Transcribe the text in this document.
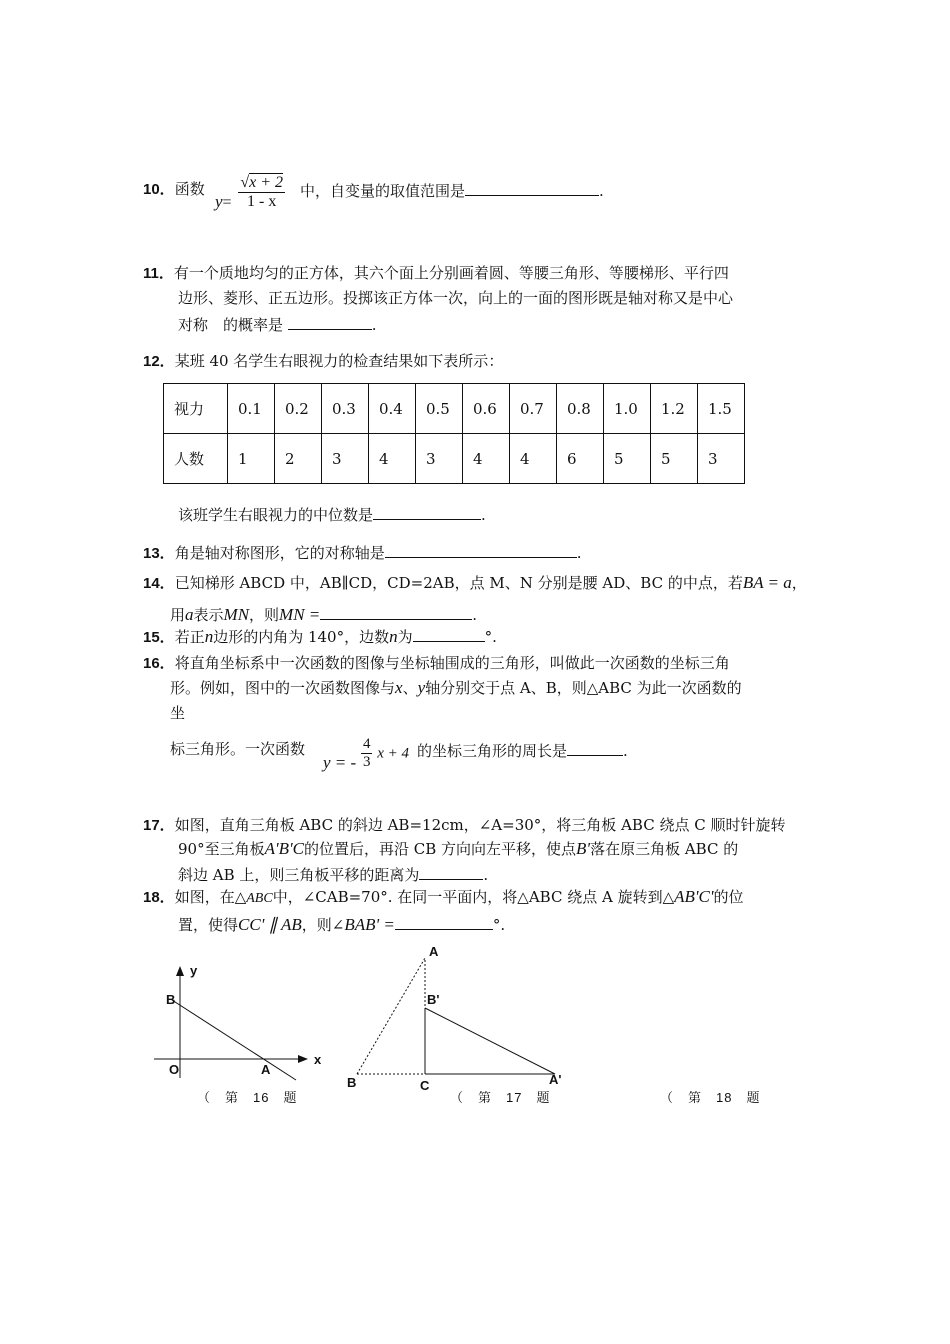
10．函数
$y= \frac{√x + 2}{1 - x}$ 中，自变量的取值范围是	.
11．有一个质地均匀的正方体，其六个面上分别画着圆、等腰三角形、等腰梯形、平行四
边形、菱形、正五边形。投掷该正方体一次，向上的一面的图形既是轴对称又是中心
对称　的概率是	.
12．某班 40 名学生右眼视力的检查结果如下表所示：
视力	0.1	0.2	0.3	0.4	0.5	0.6	0.7	0.8	1.0	1.2	1.5
人数	1	2	3	4	3	4	4	6	5	5	3
该班学生右眼视力的中位数是	.
13．角是轴对称图形，它的对称轴是	.
14．已知梯形 ABCD 中，AB∥CD，CD=2AB，点 M、N 分别是腰 AD、BC 的中点，若BA = a，
用a表示MN，则MN =	.
15．若正n边形的内角为 140°，边数n为	°.
16．将直角坐标系中一次函数的图像与坐标轴围成的三角形，叫做此一次函数的坐标三角
形。例如，图中的一次函数图像与x、y轴分别交于点 A、B，则△ABC 为此一次函数的
坐
标三角形。一次函数
y = - $\frac{4}{3}$ x + 4 的坐标三角形的周长是	.
17．如图，直角三角板 ABC 的斜边 AB=12cm，∠A=30°，将三角板 ABC 绕点 C 顺时针旋转
90°至三角板A'B'C的位置后，再沿 CB 方向向左平移，使点B'落在原三角板 ABC 的
斜边 AB 上，则三角板平移的距离为	.
18．如图，在△ABC中，∠CAB=70°. 在同一平面内，将△ABC 绕点 A 旋转到△AB'C'的位
置，使得CC' ∥ AB，则∠BAB' =	°.
y
B
x
O	A
（　第　16　题
A
B'
B	C	A'
（　第　17　题	（　第　18　题
